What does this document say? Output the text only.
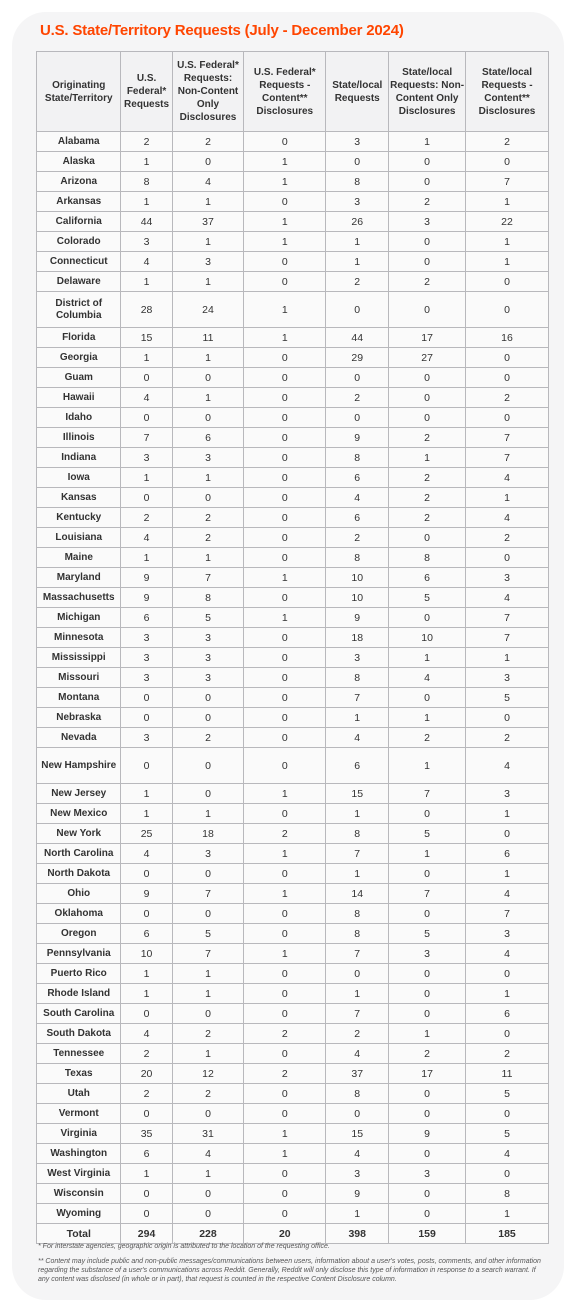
U.S. State/Territory Requests (July - December 2024)
Originating State/Territory	U.S. Federal* Requests	U.S. Federal* Requests: Non-Content Only Disclosures	U.S. Federal* Requests - Content** Disclosures	State/local Requests	State/local Requests: Non-Content Only Disclosures	State/local Requests - Content** Disclosures
Alabama	2	2	0	3	1	2
Alaska	1	0	1	0	0	0
Arizona	8	4	1	8	0	7
Arkansas	1	1	0	3	2	1
California	44	37	1	26	3	22
Colorado	3	1	1	1	0	1
Connecticut	4	3	0	1	0	1
Delaware	1	1	0	2	2	0
District of Columbia	28	24	1	0	0	0
Florida	15	11	1	44	17	16
Georgia	1	1	0	29	27	0
Guam	0	0	0	0	0	0
Hawaii	4	1	0	2	0	2
Idaho	0	0	0	0	0	0
Illinois	7	6	0	9	2	7
Indiana	3	3	0	8	1	7
Iowa	1	1	0	6	2	4
Kansas	0	0	0	4	2	1
Kentucky	2	2	0	6	2	4
Louisiana	4	2	0	2	0	2
Maine	1	1	0	8	8	0
Maryland	9	7	1	10	6	3
Massachusetts	9	8	0	10	5	4
Michigan	6	5	1	9	0	7
Minnesota	3	3	0	18	10	7
Mississippi	3	3	0	3	1	1
Missouri	3	3	0	8	4	3
Montana	0	0	0	7	0	5
Nebraska	0	0	0	1	1	0
Nevada	3	2	0	4	2	2
New Hampshire	0	0	0	6	1	4
New Jersey	1	0	1	15	7	3
New Mexico	1	1	0	1	0	1
New York	25	18	2	8	5	0
North Carolina	4	3	1	7	1	6
North Dakota	0	0	0	1	0	1
Ohio	9	7	1	14	7	4
Oklahoma	0	0	0	8	0	7
Oregon	6	5	0	8	5	3
Pennsylvania	10	7	1	7	3	4
Puerto Rico	1	1	0	0	0	0
Rhode Island	1	1	0	1	0	1
South Carolina	0	0	0	7	0	6
South Dakota	4	2	2	2	1	0
Tennessee	2	1	0	4	2	2
Texas	20	12	2	37	17	11
Utah	2	2	0	8	0	5
Vermont	0	0	0	0	0	0
Virginia	35	31	1	15	9	5
Washington	6	4	1	4	0	4
West Virginia	1	1	0	3	3	0
Wisconsin	0	0	0	9	0	8
Wyoming	0	0	0	1	0	1
Total	294	228	20	398	159	185

* For interstate agencies, geographic origin is attributed to the location of the requesting office.

** Content may include public and non-public messages/communications between users, information about a user's votes, posts, comments, and other information regarding the substance of a user's communications across Reddit. Generally, Reddit will only disclose this type of information in response to a search warrant. If any content was disclosed (in whole or in part), that request is counted in the respective Content Disclosure column.
